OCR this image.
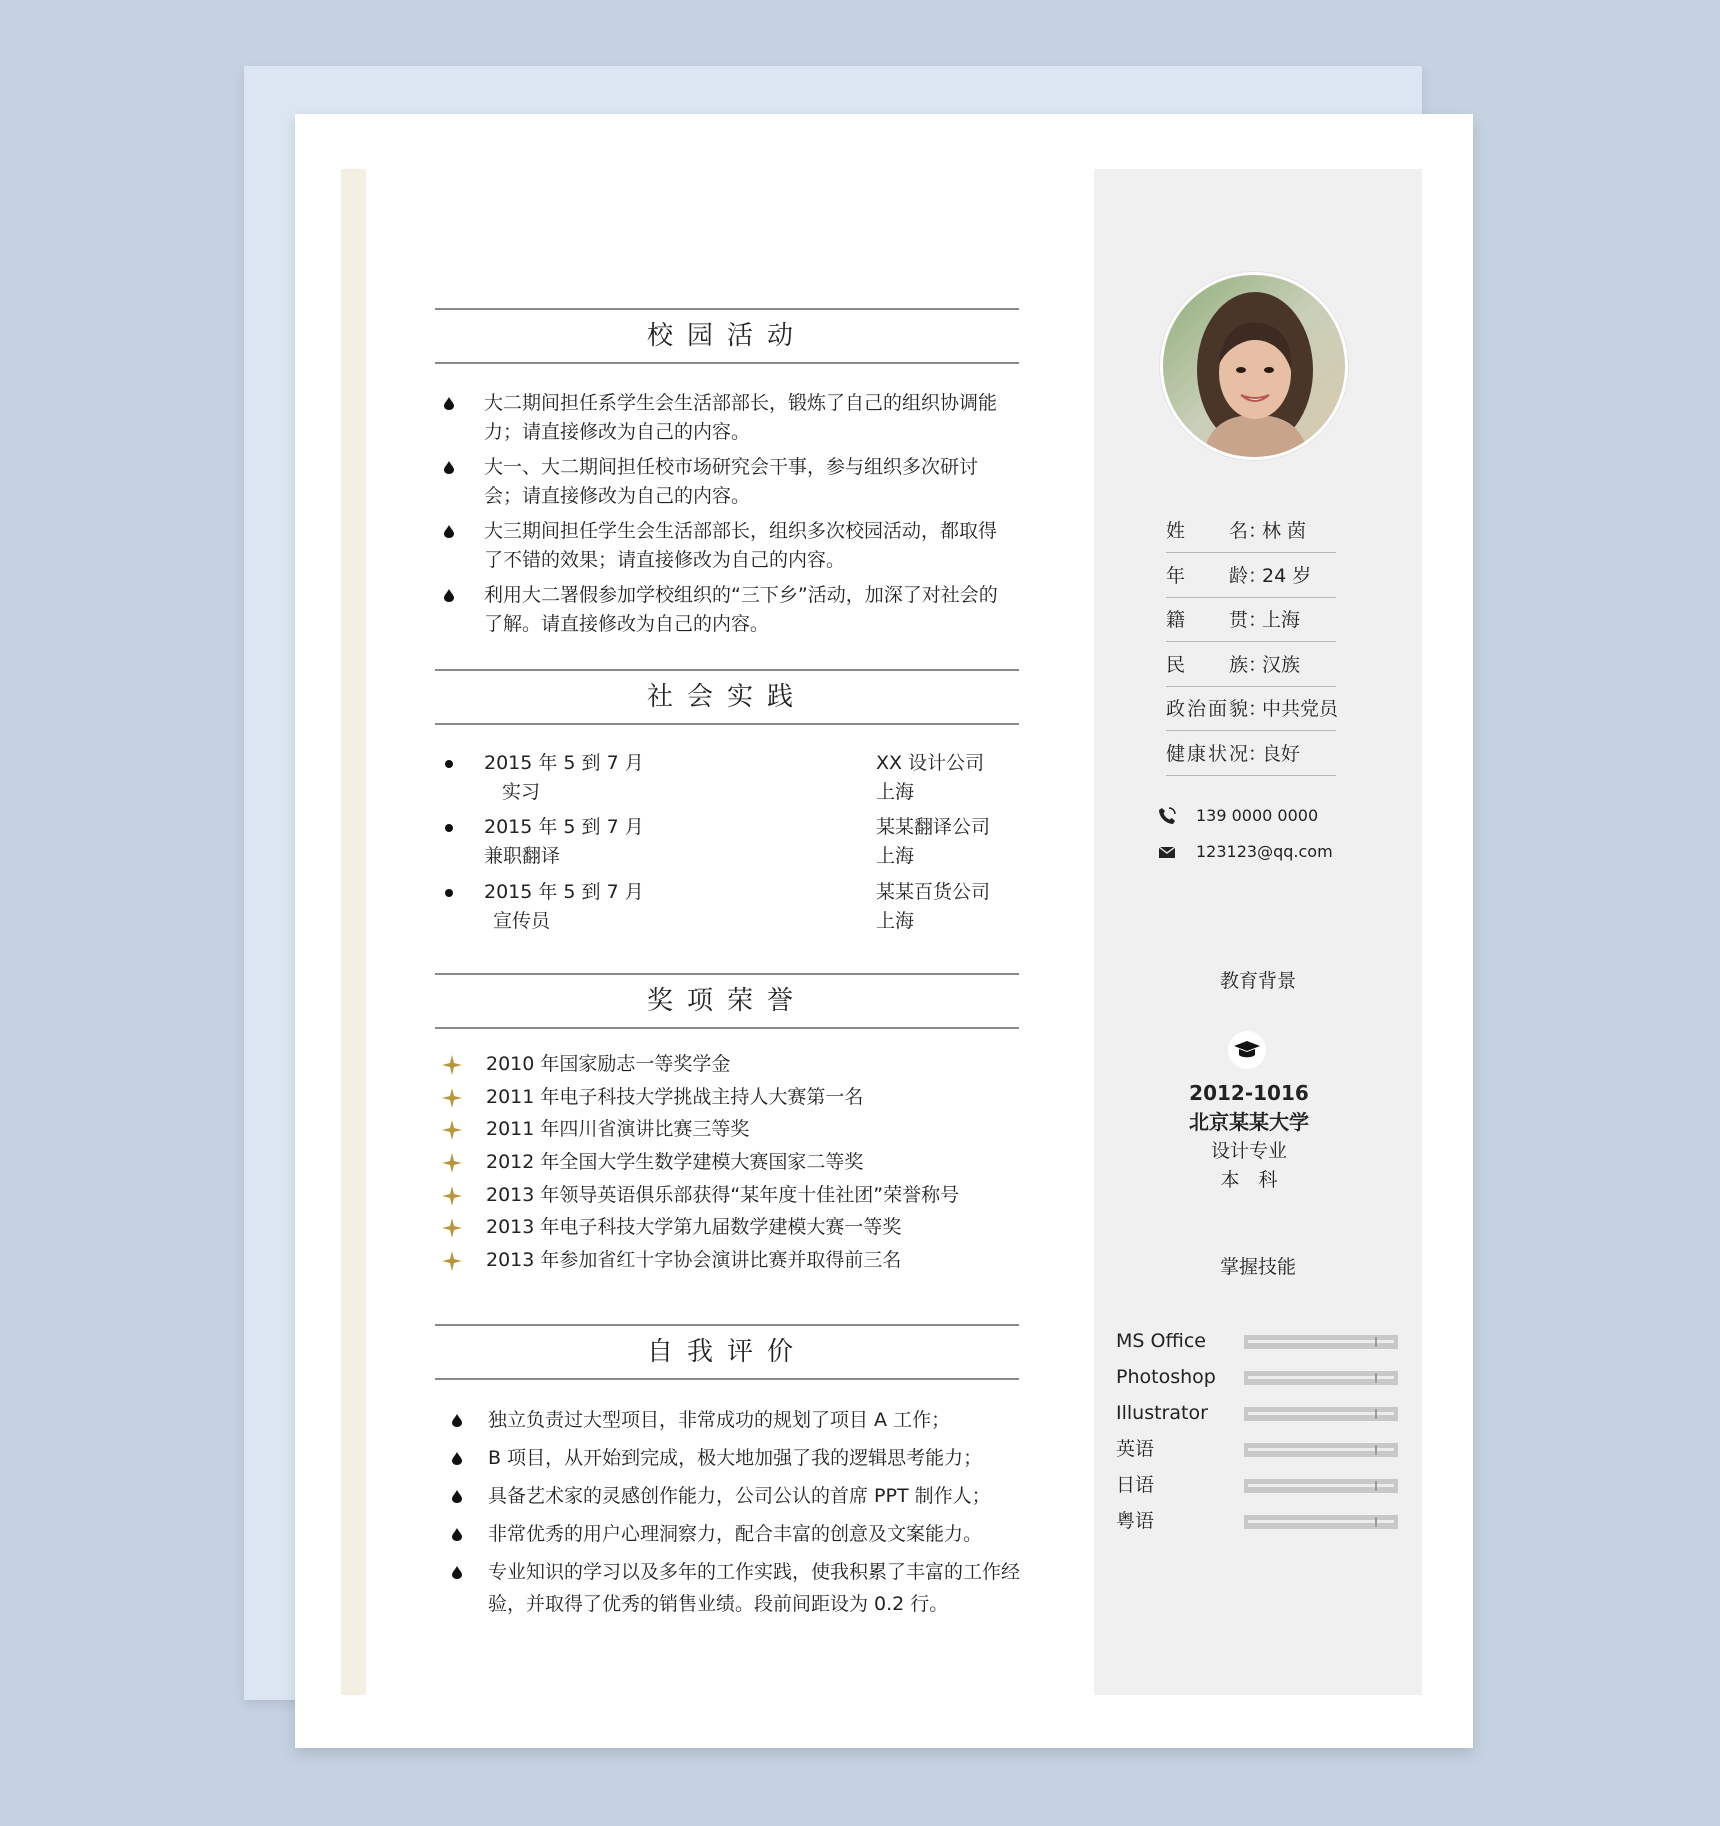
校园活动
大二期间担任系学生会生活部部长，锻炼了自己的组织协调能力；请直接修改为自己的内容。
大一、大二期间担任校市场研究会干事，参与组织多次研讨会；请直接修改为自己的内容。
大三期间担任学生会生活部部长，组织多次校园活动，都取得了不错的效果；请直接修改为自己的内容。
利用大二署假参加学校组织的“三下乡”活动，加深了对社会的了解。请直接修改为自己的内容。
社会实践
2015 年 5 到 7 月
实习
XX 设计公司
上海
2015 年 5 到 7 月
兼职翻译
某某翻译公司
上海
2015 年 5 到 7 月
宣传员
某某百货公司
上海
奖项荣誉
2010 年国家励志一等奖学金
2011 年电子科技大学挑战主持人大赛第一名
2011 年四川省演讲比赛三等奖
2012 年全国大学生数学建模大赛国家二等奖
2013 年领导英语俱乐部获得“某年度十佳社团”荣誉称号
2013 年电子科技大学第九届数学建模大赛一等奖
2013 年参加省红十字协会演讲比赛并取得前三名
自我评价
独立负责过大型项目，非常成功的规划了项目 A 工作；
B 项目，从开始到完成，极大地加强了我的逻辑思考能力；
具备艺术家的灵感创作能力，公司公认的首席 PPT 制作人；
非常优秀的用户心理洞察力，配合丰富的创意及文案能力。
专业知识的学习以及多年的工作实践，使我积累了丰富的工作经验，并取得了优秀的销售业绩。段前间距设为 0.2 行。
姓名：林 茵
年龄：24 岁
籍贯：上海
民族：汉族
政治面貌：中共党员
健康状况：良好
139 0000 0000
123123@qq.com
教育背景
2012-1016
北京某某大学
设计专业
本　科
掌握技能
MS Office
Photoshop
Illustrator
英语
日语
粤语
